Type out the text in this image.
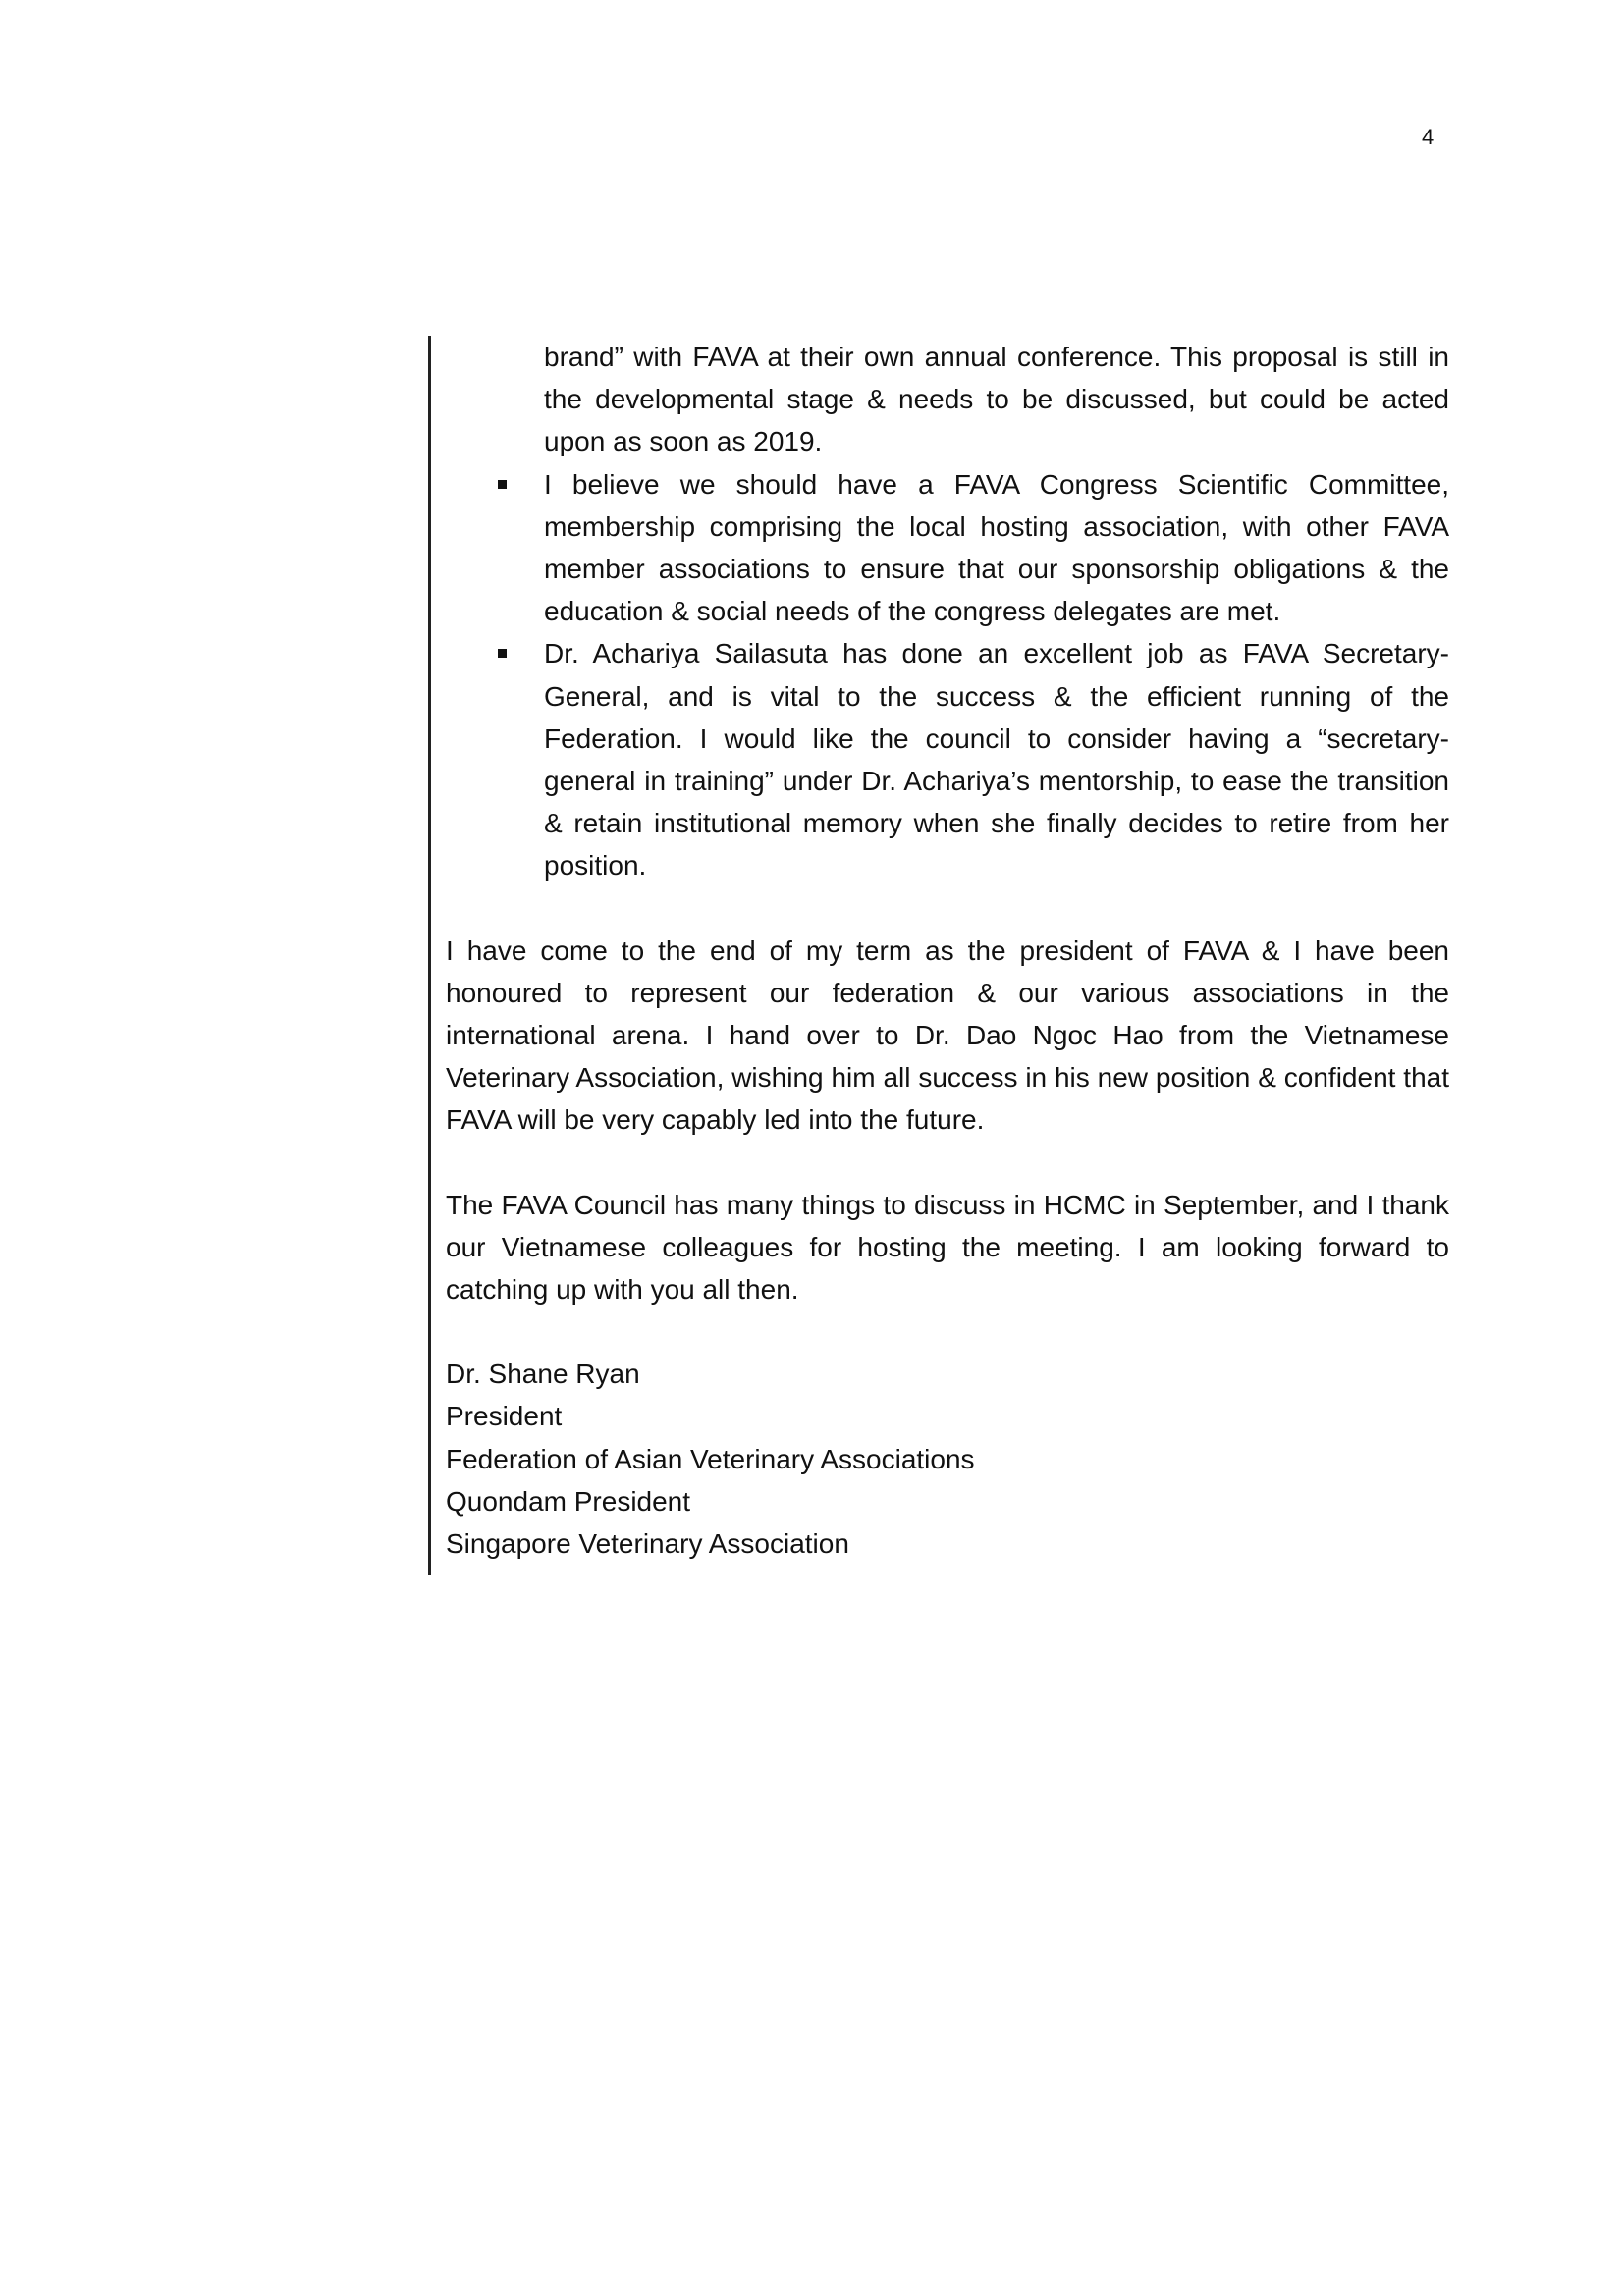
4

brand” with FAVA at their own annual conference. This proposal is still in the developmental stage & needs to be discussed, but could be acted upon as soon as 2019.

I believe we should have a FAVA Congress Scientific Committee, membership comprising the local hosting association, with other FAVA member associations to ensure that our sponsorship obligations & the education & social needs of the congress delegates are met.

Dr. Achariya Sailasuta has done an excellent job as FAVA Secretary-General, and is vital to the success & the efficient running of the Federation. I would like the council to consider having a “secretary-general in training” under Dr. Achariya’s mentorship, to ease the transition & retain institutional memory when she finally decides to retire from her position.

I have come to the end of my term as the president of FAVA & I have been honoured to represent our federation & our various associations in the international arena. I hand over to Dr. Dao Ngoc Hao from the Vietnamese Veterinary Association, wishing him all success in his new position & confident that FAVA will be very capably led into the future.

The FAVA Council has many things to discuss in HCMC in September, and I thank our Vietnamese colleagues for hosting the meeting. I am looking forward to catching up with you all then.

Dr. Shane Ryan
President
Federation of Asian Veterinary Associations
Quondam President
Singapore Veterinary Association
